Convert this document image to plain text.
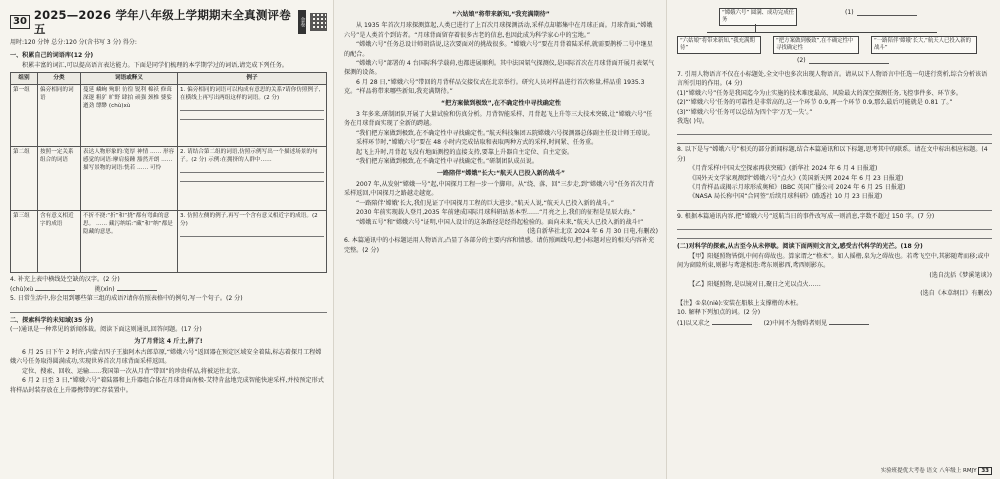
30 2025—2026 学年八年级上学期期末全真测评卷五	金卷

用时:120 分钟 总分:120 分(含书写 3 分) 得分:

一、积累自己的词语库(12 分)

积累丰富的词汇,可以提高语言表达能力。下面是同学们梳理的本学期学过的词语,请完成下列任务。

组别	分类	词语或释义	例子
第一组	偏旁相同的词语	蔓延 嶙峋 殉职 彷徨 锐利 棉袄 修葺 深邃 粗犷 旷野 肆拍 顽强 颈椎 婆娑 遒劲 缥缈 (chù)xù	1. 偏旁相同的词语可以构成有意思的关系?请你仿照例子,在横线上再写出两组这样的词语。(2 分)

第二组	按照一定关系组合的词语	表达人物形象的:宽厚 神情 …… 形容感觉的词语:摩肩接踵 豁然开朗 …… 描写景物的词语:恍若 …… 可怜	2. 请结合第二组的词语,仿照示例写出一个描述场景的句子。(2 分) 示例:在拥挤的人群中……

第三组	含有意义相近字的成语	不折不挠:“折”和“挠”都有弯曲的意思。 …… 藏污纳垢:“藏”和“纳”都是隐藏的意思。	3. 仿照左侧的例子,再写一个含有意义相近字的成语。(2 分)

4. 补充上表中横线处空缺的汉字。(2 分)

(chù)xù	挑(xìn)

5. 日常生活中,你会用到哪些第三组的成语?请你仿照表格中的例句,写一个句子。(2 分)

二、探索科学的未知域(35 分)

(一)通讯是一种常见的新闻体裁。阅读下面这则通讯,回答问题。(17 分)

为了月背这 4 斤土,拼了!

6 月 25 日下午 2 时许,内蒙古四子王旗阿木古郎草原,“嫦娥六号”返回器在预定区域安全着陆,标志着探月工程嫦娥六号任务取得圆满成功,实现世界首次月球背面采样返回。

定位、搜索、回收、运输……我国第一次从月背“带回”的珍贵样品,将被运往北京。

6 月 2 日至 3 日,“嫦娥六号”着陆器和上升器组合体在月球背面南极-艾特肯盆地完成智能快速采样,并按预定形式将样品封装存放在上升器携带的贮存装置中。

“六姑娘”将带来新知,“我充满期待”

从 1935 年首次月球探测算起,人类已进行了上百次月球探测活动,采样点却都集中在月球正面。月球背面,“嫦娥六号”是人类首个到访者。“月球背面留存着很多古老的信息,也因此成为科学家心中的宝地。”

“嫦娥六号”任务总设计师胡浩说,这次要面对的挑战很多。“嫦娥六号”要在月背着陆采样,就需要鹊桥二号中继星的配合。

“嫦娥六号”部署的 4 台国际科学载荷,也都进展顺利。其中法国氡气探测仪,是国际首次在月球背面开展月表氡气探测的设备。

6 月 28 日,“嫦娥六号”带回的月背样品交接仪式在北京举行。研究人员对样品进行首次称量,样品重 1935.3 克。“样品将带来哪些新知,我充满期待。”

“把方案做到极致”,在不确定性中寻找确定性

3 年多来,研制团队开展了大量试验和仿真分析。月背智能采样、月背起飞上升等三大技术突破,让“嫦娥六号”任务在月球背面实现了全新的跨越。

“我们把方案做到极致,在不确定性中寻找确定性。”航天科技集团五院嫦娥六号探测器总体副主任设计师王琼说。

采样环节时,“嫦娥六号”要在 48 小时内完成钻取和表取两种方式的采样,时间紧、任务重。

起飞上升时,月背起飞没有地面测控的直接支持,要靠上升器自主定位、自主定姿。

“我们把方案做到极致,在不确定性中寻找确定性。”研制团队成员说。

一路陪伴“嫦娥”长大:“航天人已投入新的战斗”

2007 年,从发射“嫦娥一号”起,中国探月工程一步一个脚印。从“绕、落、回”三步走,到“嫦娥六号”任务首次月背采样返回,中国探月之路越走越宽。

“一路陪伴‘嫦娥’长大,我们见证了中国探月工程的巨大进步。”航天人说,“航天人已投入新的战斗。”

2030 年前实现载人登月,2035 年前建成国际月球科研站基本型……“月亮之上,我们的征程是星辰大海。”

“嫦娥五号”和“嫦娥六号”证明,中国人设计的这条路径是经得起检验的。面向未来,“航天人已投入新的战斗!”

(选自新华社北京 2024 年 6 月 30 日电,有删改)

6. 本篇通讯中的小标题运用人物语言,凸显了各部分的主要内容和情感。请仿照画线句,把小标题对应的相关内容补充完整。(2 分)

“嫦娥六号” 圆满、成功完成任务
(1)
“六姑娘”将带来新知,“我充满期待”
“把方案做到极致”,在不确定性中寻找确定性
“一路陪伴‘嫦娥’长大,“航天人已投入新的战斗”
(2)

7. 引用人物语言不仅在小标题处,全文中也多次出现人物语言。请从以下人物语言中任选一句进行赏析,综合分析该语言所引用的作用。(4 分)

(1)“嫦娥六号”任务是我国迄今为止实施的技术难度最高、风险最大的深空探测任务,飞控事件多、环节多。

(2)“‘嫦娥六号’任务的可靠性是非常高的,这一个环节 0.9,再一个环节 0.9,那么最后可能就是 0.81 了。”

(3)“‘嫦娥六号’任务可以总结为四个字‘万无一失’。”

我选( )句。

8. 以下是与“嫦娥六号”相关的部分新闻标题,结合本篇通讯和以下标题,思考其中的联系。请在文中标出相应标题。(4 分)

《月背采样!中国太空探索再获突破》(新华社 2024 年 6 月 4 日报道)

《国外天文学家观测到“嫦娥六号”点火》(美国新天网 2024 年 6 月 23 日报道)

《月背样品或揭示月球形成奥秘》(BBC 英国广播公司 2024 年 6 月 25 日报道)

《NASA 局长称中国“合同签”后续月球科研》(路透社 10 月 23 日报道)

9. 根据本篇通讯内容,把“嫦娥六号”返航当日的事件改写成一则消息,字数不超过 150 字。(7 分)

(二)对科学的探索,从古至今从未停歇。阅读下面两则文言文,感受古代科学的光芒。(18 分)

【甲】阳燧照物皆倒,中间有碍故也。算家谓之“格术”。如人摇橹,臬为之碍故也。若鸢飞空中,其影随鸢而移;或中间为窗隙所束,则影与鸢遂相违:鸢东则影西,鸢西则影东。

(选自沈括《梦溪笔谈》)

【乙】阳燧照物,是以镜对日,聚日之光以点火……

(选自《本草纲目》有删改)

【注】①臬(niè):安装在船舷上支撑橹的木桩。

10. 解释下列加点的词。(2 分)

(1)以又求之	(2)中间不为物碍者则见

实验班提优大考卷 语文 八年级上 RMJY 33
